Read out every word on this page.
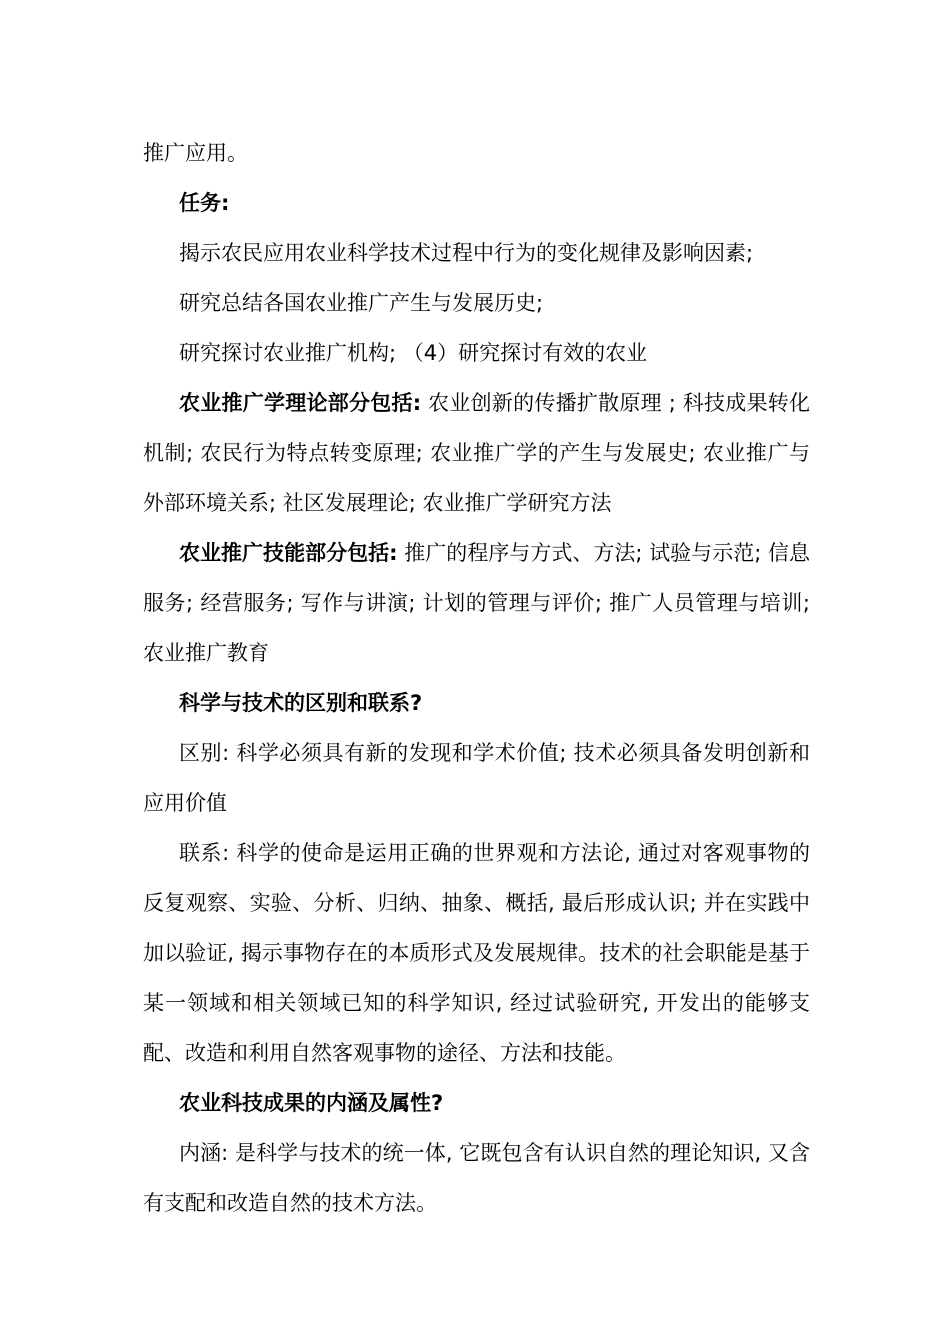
推广应用。

任务:

揭示农民应用农业科学技术过程中行为的变化规律及影响因素;

研究总结各国农业推广产生与发展历史;

研究探讨农业推广机构; （4）研究探讨有效的农业

农业推广学理论部分包括: 农业创新的传播扩散原理 ; 科技成果转化机制; 农民行为特点转变原理; 农业推广学的产生与发展史; 农业推广与外部环境关系; 社区发展理论; 农业推广学研究方法

农业推广技能部分包括: 推广的程序与方式、方法; 试验与示范; 信息服务; 经营服务; 写作与讲演; 计划的管理与评价; 推广人员管理与培训; 农业推广教育

科学与技术的区别和联系?

区别: 科学必须具有新的发现和学术价值; 技术必须具备发明创新和应用价值

联系: 科学的使命是运用正确的世界观和方法论, 通过对客观事物的反复观察、实验、分析、归纳、抽象、概括, 最后形成认识; 并在实践中加以验证, 揭示事物存在的本质形式及发展规律。技术的社会职能是基于某一领域和相关领域已知的科学知识, 经过试验研究, 开发出的能够支配、改造和利用自然客观事物的途径、方法和技能。

农业科技成果的内涵及属性?

内涵: 是科学与技术的统一体, 它既包含有认识自然的理论知识, 又含有支配和改造自然的技术方法。
